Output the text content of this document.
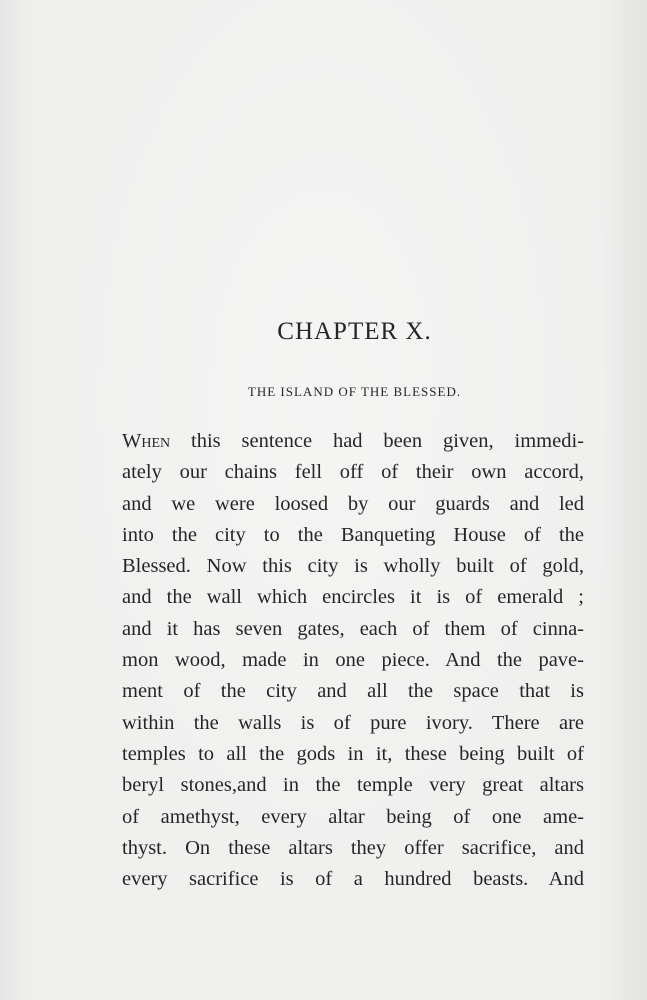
CHAPTER X.
THE ISLAND OF THE BLESSED.
When this sentence had been given, immedi-
ately our chains fell off of their own accord,
and we were loosed by our guards and led
into the city to the Banqueting House of the
Blessed. Now this city is wholly built of gold,
and the wall which encircles it is of emerald ;
and it has seven gates, each of them of cinna-
mon wood, made in one piece. And the pave-
ment of the city and all the space that is
within the walls is of pure ivory. There are
temples to all the gods in it, these being built of
beryl stones,and in the temple very great altars
of amethyst, every altar being of one ame-
thyst. On these altars they offer sacrifice, and
every sacrifice is of a hundred beasts. And
